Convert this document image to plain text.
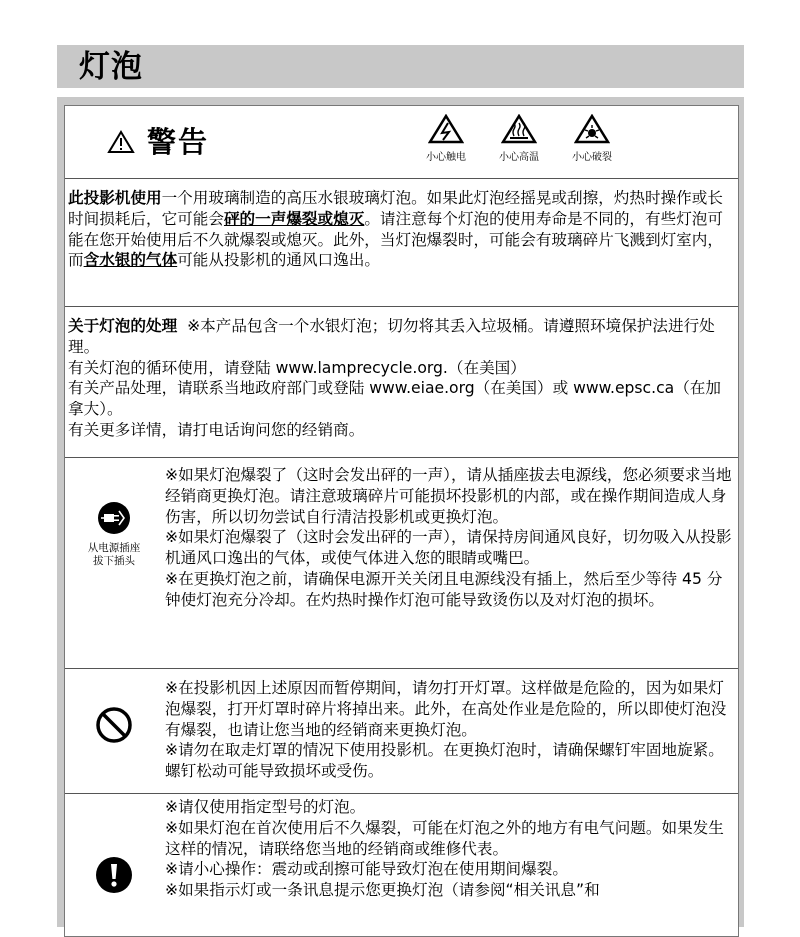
灯泡
警告	小心触电	小心高温	小心破裂

此投影机使用一个用玻璃制造的高压水银玻璃灯泡。如果此灯泡经摇晃或刮擦，灼热时操作或长时间损耗后，它可能会砰的一声爆裂或熄灭。请注意每个灯泡的使用寿命是不同的，有些灯泡可能在您开始使用后不久就爆裂或熄灭。此外，当灯泡爆裂时，可能会有玻璃碎片飞溅到灯室内，而含水银的气体可能从投影机的通风口逸出。

关于灯泡的处理 ※本产品包含一个水银灯泡；切勿将其丢入垃圾桶。请遵照环境保护法进行处理。

有关灯泡的循环使用，请登陆 www.lamprecycle.org.（在美国）

有关产品处理，请联系当地政府部门或登陆 www.eiae.org（在美国）或 www.epsc.ca（在加拿大）。

有关更多详情，请打电话询问您的经销商。

从电源插座
拔下插头

※如果灯泡爆裂了（这时会发出砰的一声），请从插座拔去电源线，您必须要求当地经销商更换灯泡。请注意玻璃碎片可能损坏投影机的内部，或在操作期间造成人身伤害，所以切勿尝试自行清洁投影机或更换灯泡。

※如果灯泡爆裂了（这时会发出砰的一声），请保持房间通风良好，切勿吸入从投影机通风口逸出的气体，或使气体进入您的眼睛或嘴巴。

※在更换灯泡之前，请确保电源开关关闭且电源线没有插上，然后至少等待 45 分钟使灯泡充分冷却。在灼热时操作灯泡可能导致烫伤以及对灯泡的损坏。

※在投影机因上述原因而暂停期间，请勿打开灯罩。这样做是危险的，因为如果灯泡爆裂，打开灯罩时碎片将掉出来。此外，在高处作业是危险的，所以即使灯泡没有爆裂，也请让您当地的经销商来更换灯泡。

※请勿在取走灯罩的情况下使用投影机。在更换灯泡时，请确保螺钉牢固地旋紧。螺钉松动可能导致损坏或受伤。

※请仅使用指定型号的灯泡。

※如果灯泡在首次使用后不久爆裂，可能在灯泡之外的地方有电气问题。如果发生这样的情况，请联络您当地的经销商或维修代表。

※请小心操作：震动或刮擦可能导致灯泡在使用期间爆裂。

※如果指示灯或一条讯息提示您更换灯泡（请参阅“相关讯息”和
